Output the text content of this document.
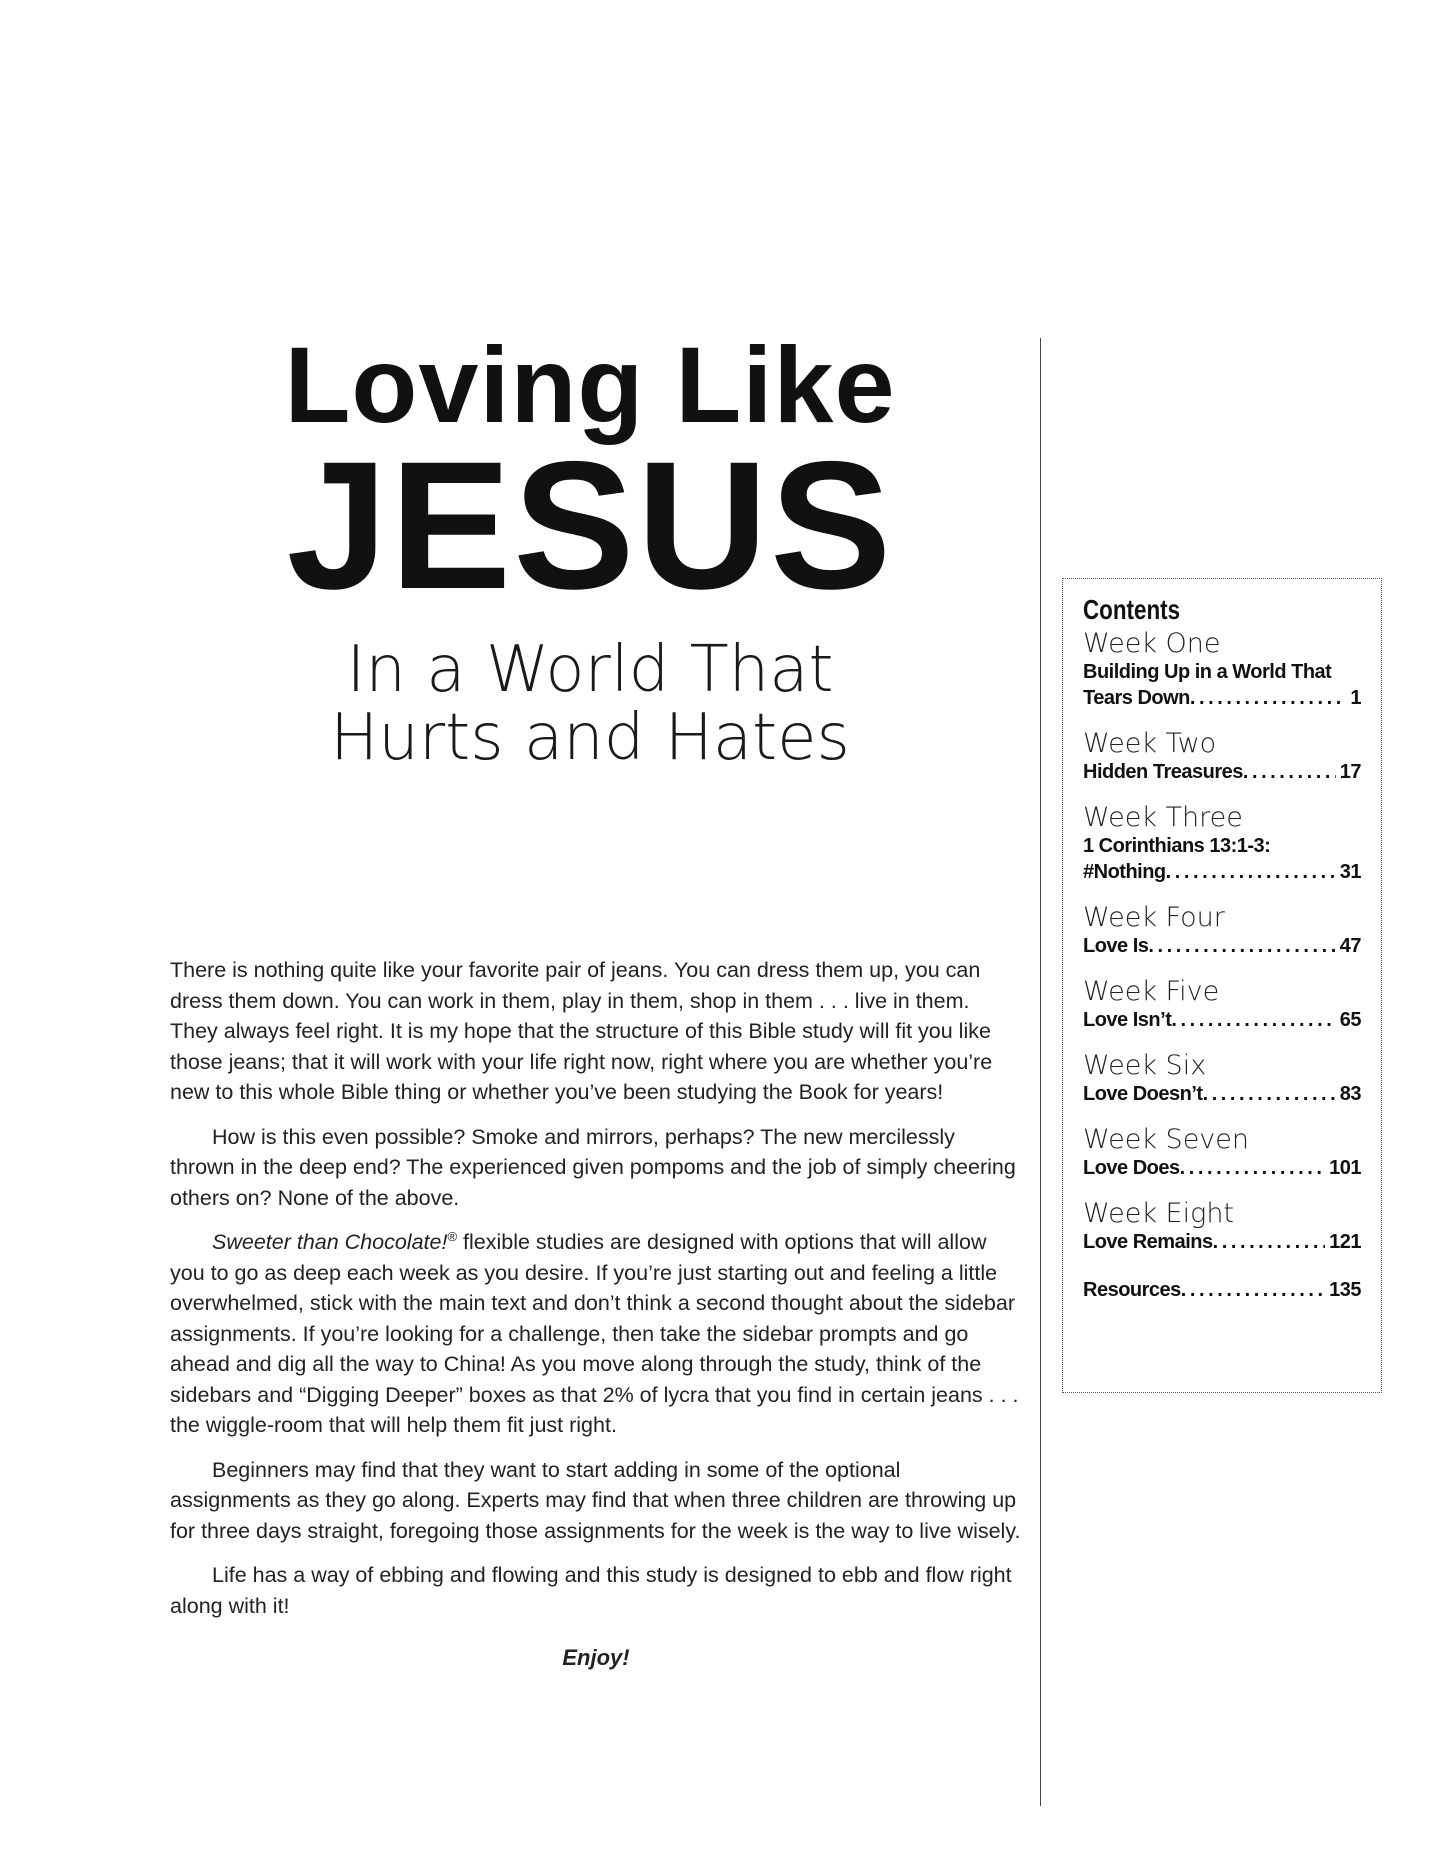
Loving Like
JESUS
In a World That
Hurts and Hates

There is nothing quite like your favorite pair of jeans. You can dress them up, you can dress them down. You can work in them, play in them, shop in them . . . live in them. They always feel right. It is my hope that the structure of this Bible study will fit you like those jeans; that it will work with your life right now, right where you are whether you’re new to this whole Bible thing or whether you’ve been studying the Book for years!

How is this even possible? Smoke and mirrors, perhaps? The new mercilessly thrown in the deep end? The experienced given pompoms and the job of simply cheering others on? None of the above.

Sweeter than Chocolate!® flexible studies are designed with options that will allow you to go as deep each week as you desire. If you’re just starting out and feeling a little overwhelmed, stick with the main text and don’t think a second thought about the sidebar assignments. If you’re looking for a challenge, then take the sidebar prompts and go ahead and dig all the way to China! As you move along through the study, think of the sidebars and “Digging Deeper” boxes as that 2% of lycra that you find in certain jeans . . . the wiggle-room that will help them fit just right.

Beginners may find that they want to start adding in some of the optional assignments as they go along. Experts may find that when three children are throwing up for three days straight, foregoing those assignments for the week is the way to live wisely.

Life has a way of ebbing and flowing and this study is designed to ebb and flow right along with it!

Enjoy!
Contents
Week One
Building Up in a World That
Tears Down . . .	1
Week Two
Hidden Treasures . . .	17
Week Three
1 Corinthians 13:1-3:
#Nothing . . .	31
Week Four
Love Is . . .	47
Week Five
Love Isn’t . . .	65
Week Six
Love Doesn’t . . .	83
Week Seven
Love Does . . .	101
Week Eight
Love Remains . . .	121
Resources . . .	135
